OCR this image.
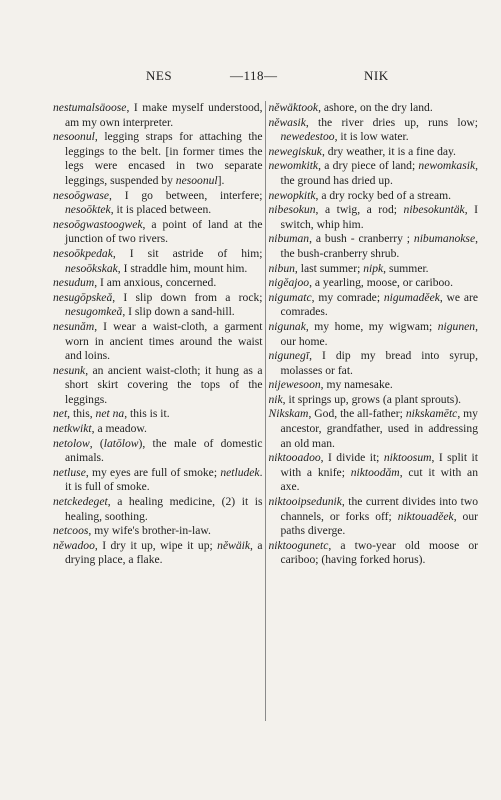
NES	—118—	NIK

nestumalsäoose, I make myself understood, am my own interpreter.

nesoonul, legging straps for attaching the leggings to the belt. [in former times the legs were encased in two separate leggings, suspended by nesoonul].

nesoōgwase, I go between, interfere; nesoōktek, it is placed between.

nesoōgwastoogwek, a point of land at the junction of two rivers.

nesoōkpedak, I sit astride of him; nesoōkskak, I straddle him, mount him.

nesudum, I am anxious, concerned.

nesugōpskeă, I slip down from a rock; nesugomkeă, I slip down a sand-hill.

nesunăm, I wear a waist-cloth, a garment worn in ancient times around the waist and loins.

nesunk, an ancient waist-cloth; it hung as a short skirt covering the tops of the leggings.

net, this, net na, this is it.

netkwikt, a meadow.

netolow, (latōlow), the male of domestic animals.

netluse, my eyes are full of smoke; netludek. it is full of smoke.

netckedeget, a healing medicine, (2) it is healing, soothing.

netcoos, my wife's brother-in-law.

nĕwadoo, I dry it up, wipe it up; nĕwäik, a drying place, a flake.

nĕwäktook, ashore, on the dry land.

nĕwasik, the river dries up, runs low; newedestoo, it is low water.

newegiskuk, dry weather, it is a fine day.

newomkitk, a dry piece of land; newomkasik, the ground has dried up.

newopkitk, a dry rocky bed of a stream.

nibesokun, a twig, a rod; nibesokuntäk, I switch, whip him.

nibuman, a bush - cranberry ; nibumanokse, the bush-cranberry shrub.

nibun, last summer; nipk, summer.

nigĕajoo, a yearling, moose, or cariboo.

nigumatc, my comrade; nigumadĕek, we are comrades.

nigunak, my home, my wigwam; nigunen, our home.

nigunegī, I dip my bread into syrup, molasses or fat.

nijewesoon, my namesake.

nik, it springs up, grows (a plant sprouts).

Nikskam, God, the all-father; nikskamētc, my ancestor, grandfather, used in addressing an old man.

niktooadoo, I divide it; niktoosum, I split it with a knife; niktoodăm, cut it with an axe.

niktooipsedunik, the current divides into two channels, or forks off; niktouadĕek, our paths diverge.

niktoogunetc, a two-year old moose or cariboo; (having forked horus).
